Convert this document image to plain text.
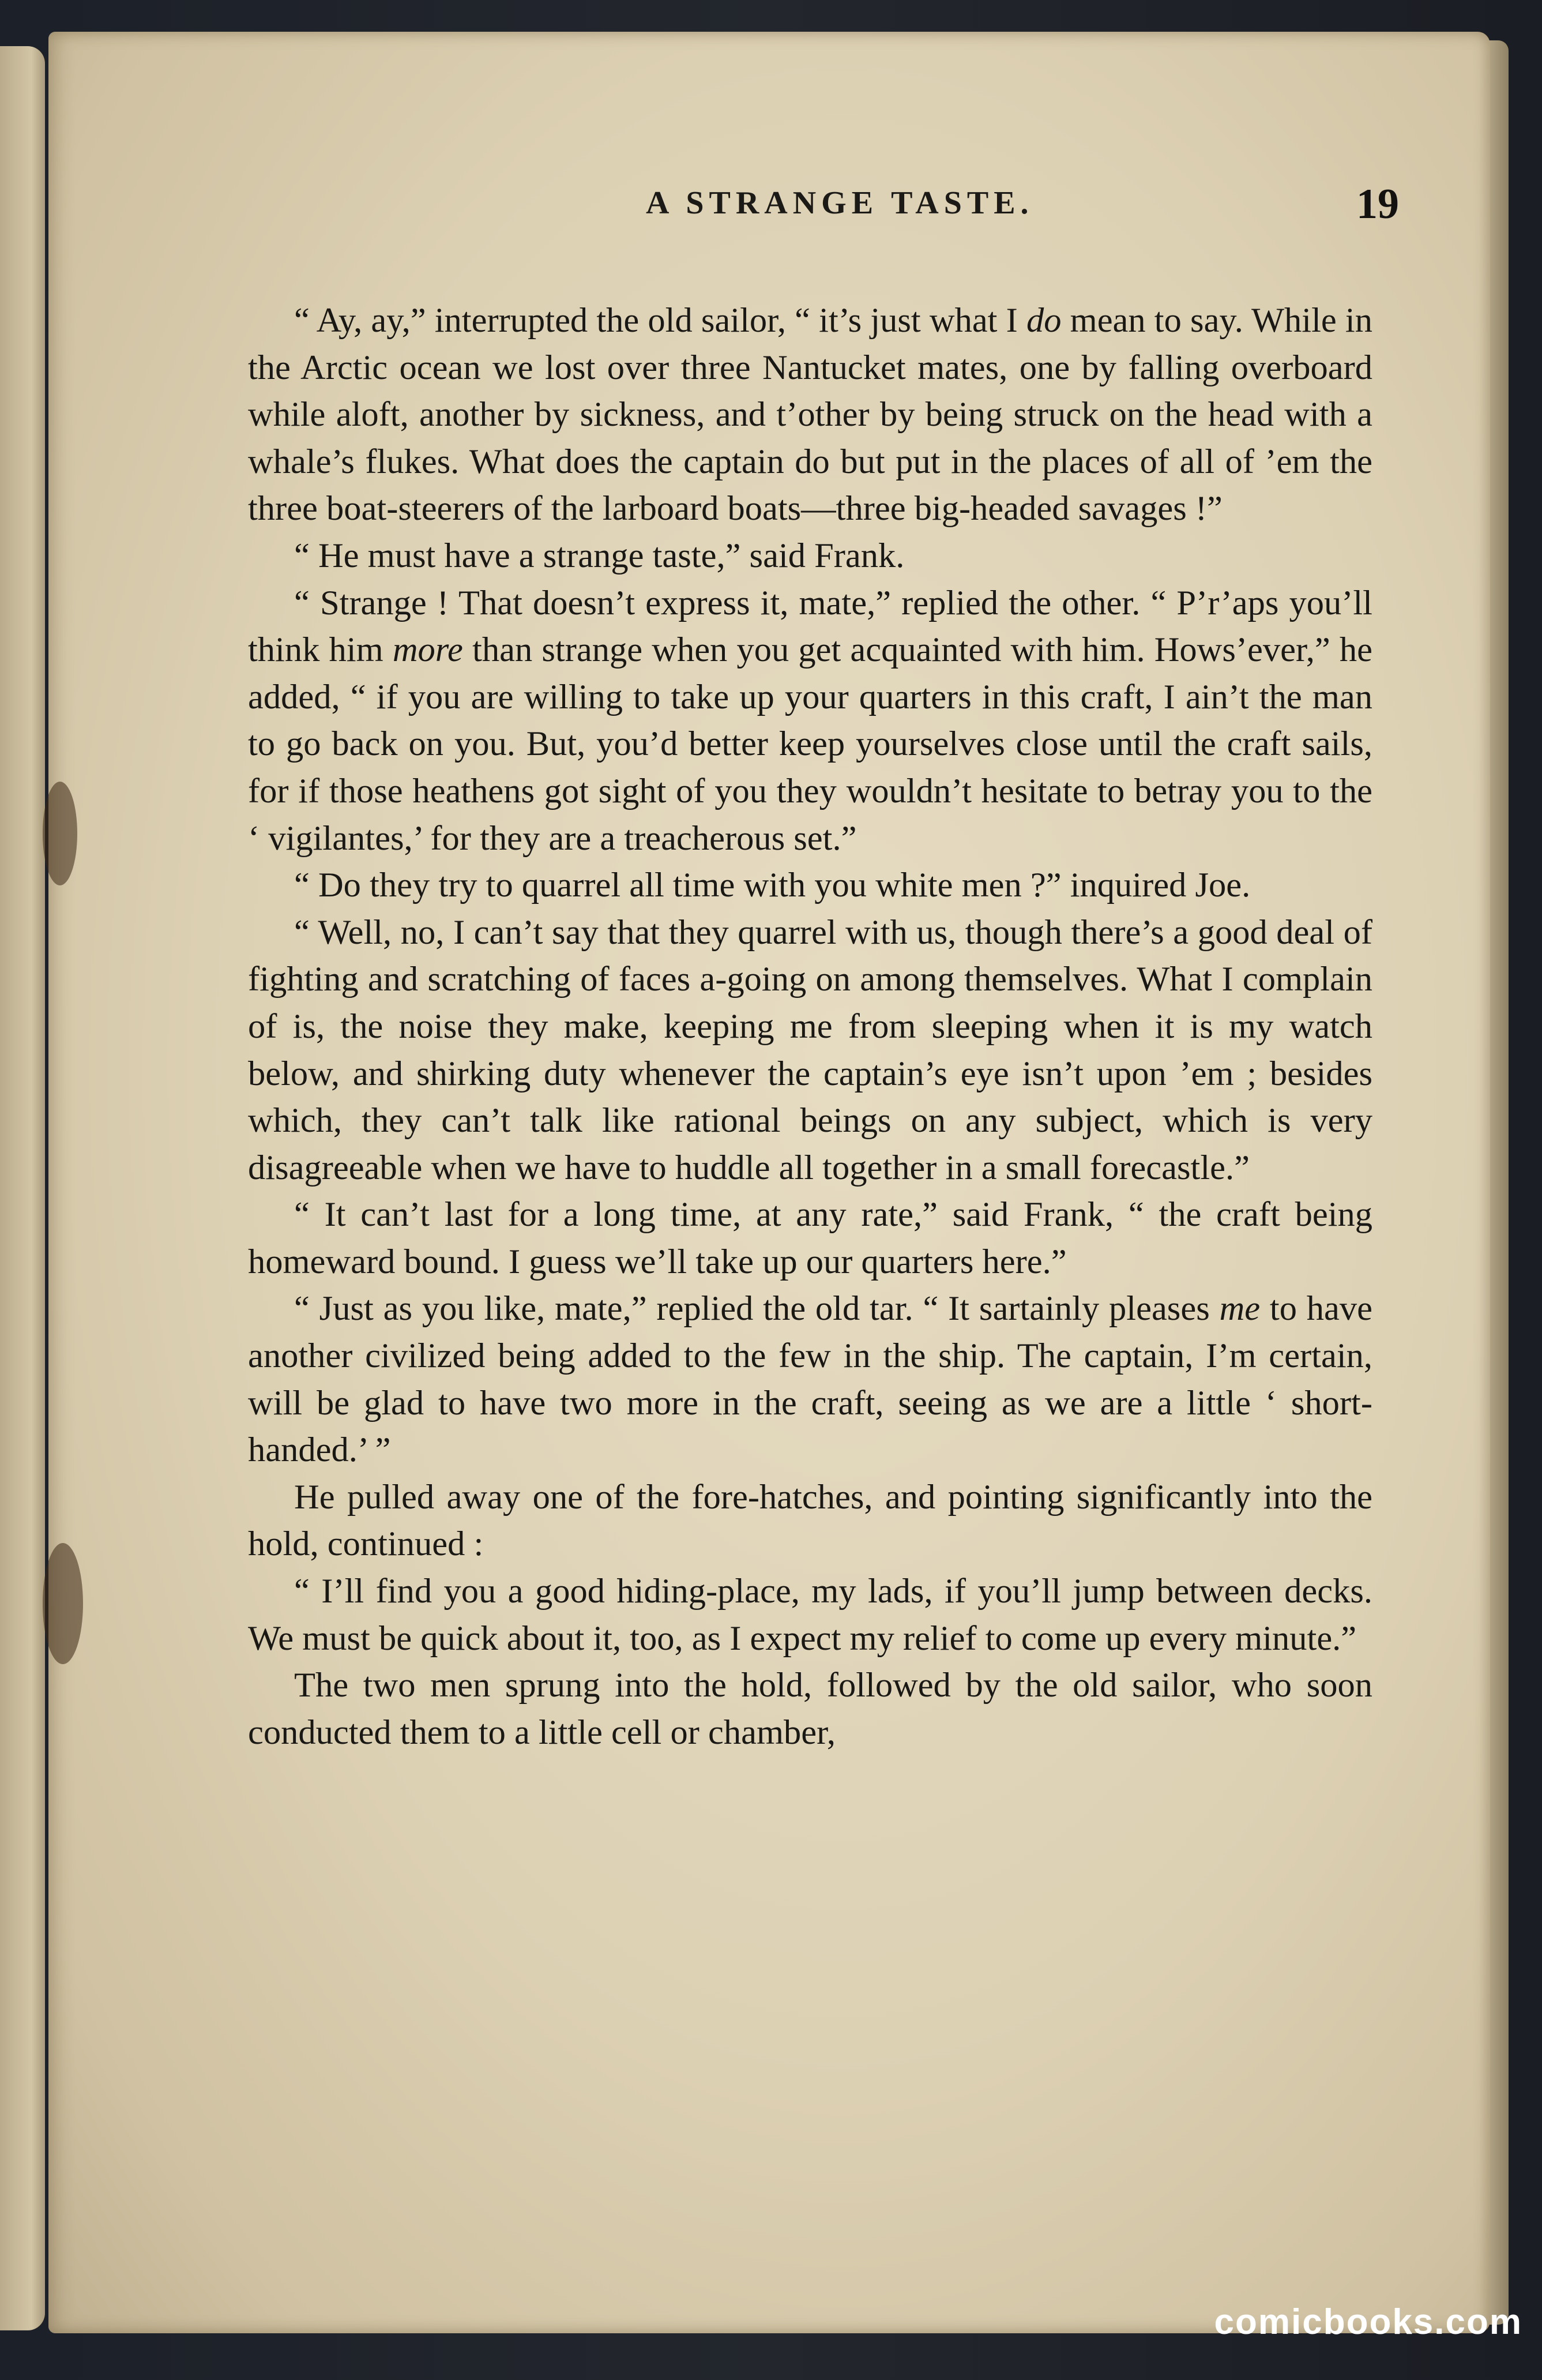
A STRANGE TASTE.	19

“ Ay, ay,” interrupted the old sailor, “ it’s just what I do mean to say. While in the Arctic ocean we lost over three Nantucket mates, one by falling overboard while aloft, another by sickness, and t’other by being struck on the head with a whale’s flukes. What does the captain do but put in the places of all of ’em the three boat-steerers of the larboard boats—three big-headed savages !”

“ He must have a strange taste,” said Frank.

“ Strange ! That doesn’t express it, mate,” replied the other. “ P’r’aps you’ll think him more than strange when you get acquainted with him. Hows’ever,” he added, “ if you are willing to take up your quarters in this craft, I ain’t the man to go back on you. But, you’d better keep yourselves close until the craft sails, for if those heathens got sight of you they wouldn’t hesitate to betray you to the ‘ vigilantes,’ for they are a treacherous set.”

“ Do they try to quarrel all time with you white men ?” inquired Joe.

“ Well, no, I can’t say that they quarrel with us, though there’s a good deal of fighting and scratching of faces a-going on among themselves. What I complain of is, the noise they make, keeping me from sleeping when it is my watch below, and shirking duty whenever the captain’s eye isn’t upon ’em ; besides which, they can’t talk like rational beings on any subject, which is very disagreeable when we have to huddle all together in a small forecastle.”

“ It can’t last for a long time, at any rate,” said Frank, “ the craft being homeward bound. I guess we’ll take up our quarters here.”

“ Just as you like, mate,” replied the old tar. “ It sartainly pleases me to have another civilized being added to the few in the ship. The captain, I’m certain, will be glad to have two more in the craft, seeing as we are a little ‘ short-handed.’ ”

He pulled away one of the fore-hatches, and pointing significantly into the hold, continued :

“ I’ll find you a good hiding-place, my lads, if you’ll jump between decks. We must be quick about it, too, as I expect my relief to come up every minute.”

The two men sprung into the hold, followed by the old sailor, who soon conducted them to a little cell or chamber,

comicbooks.com
